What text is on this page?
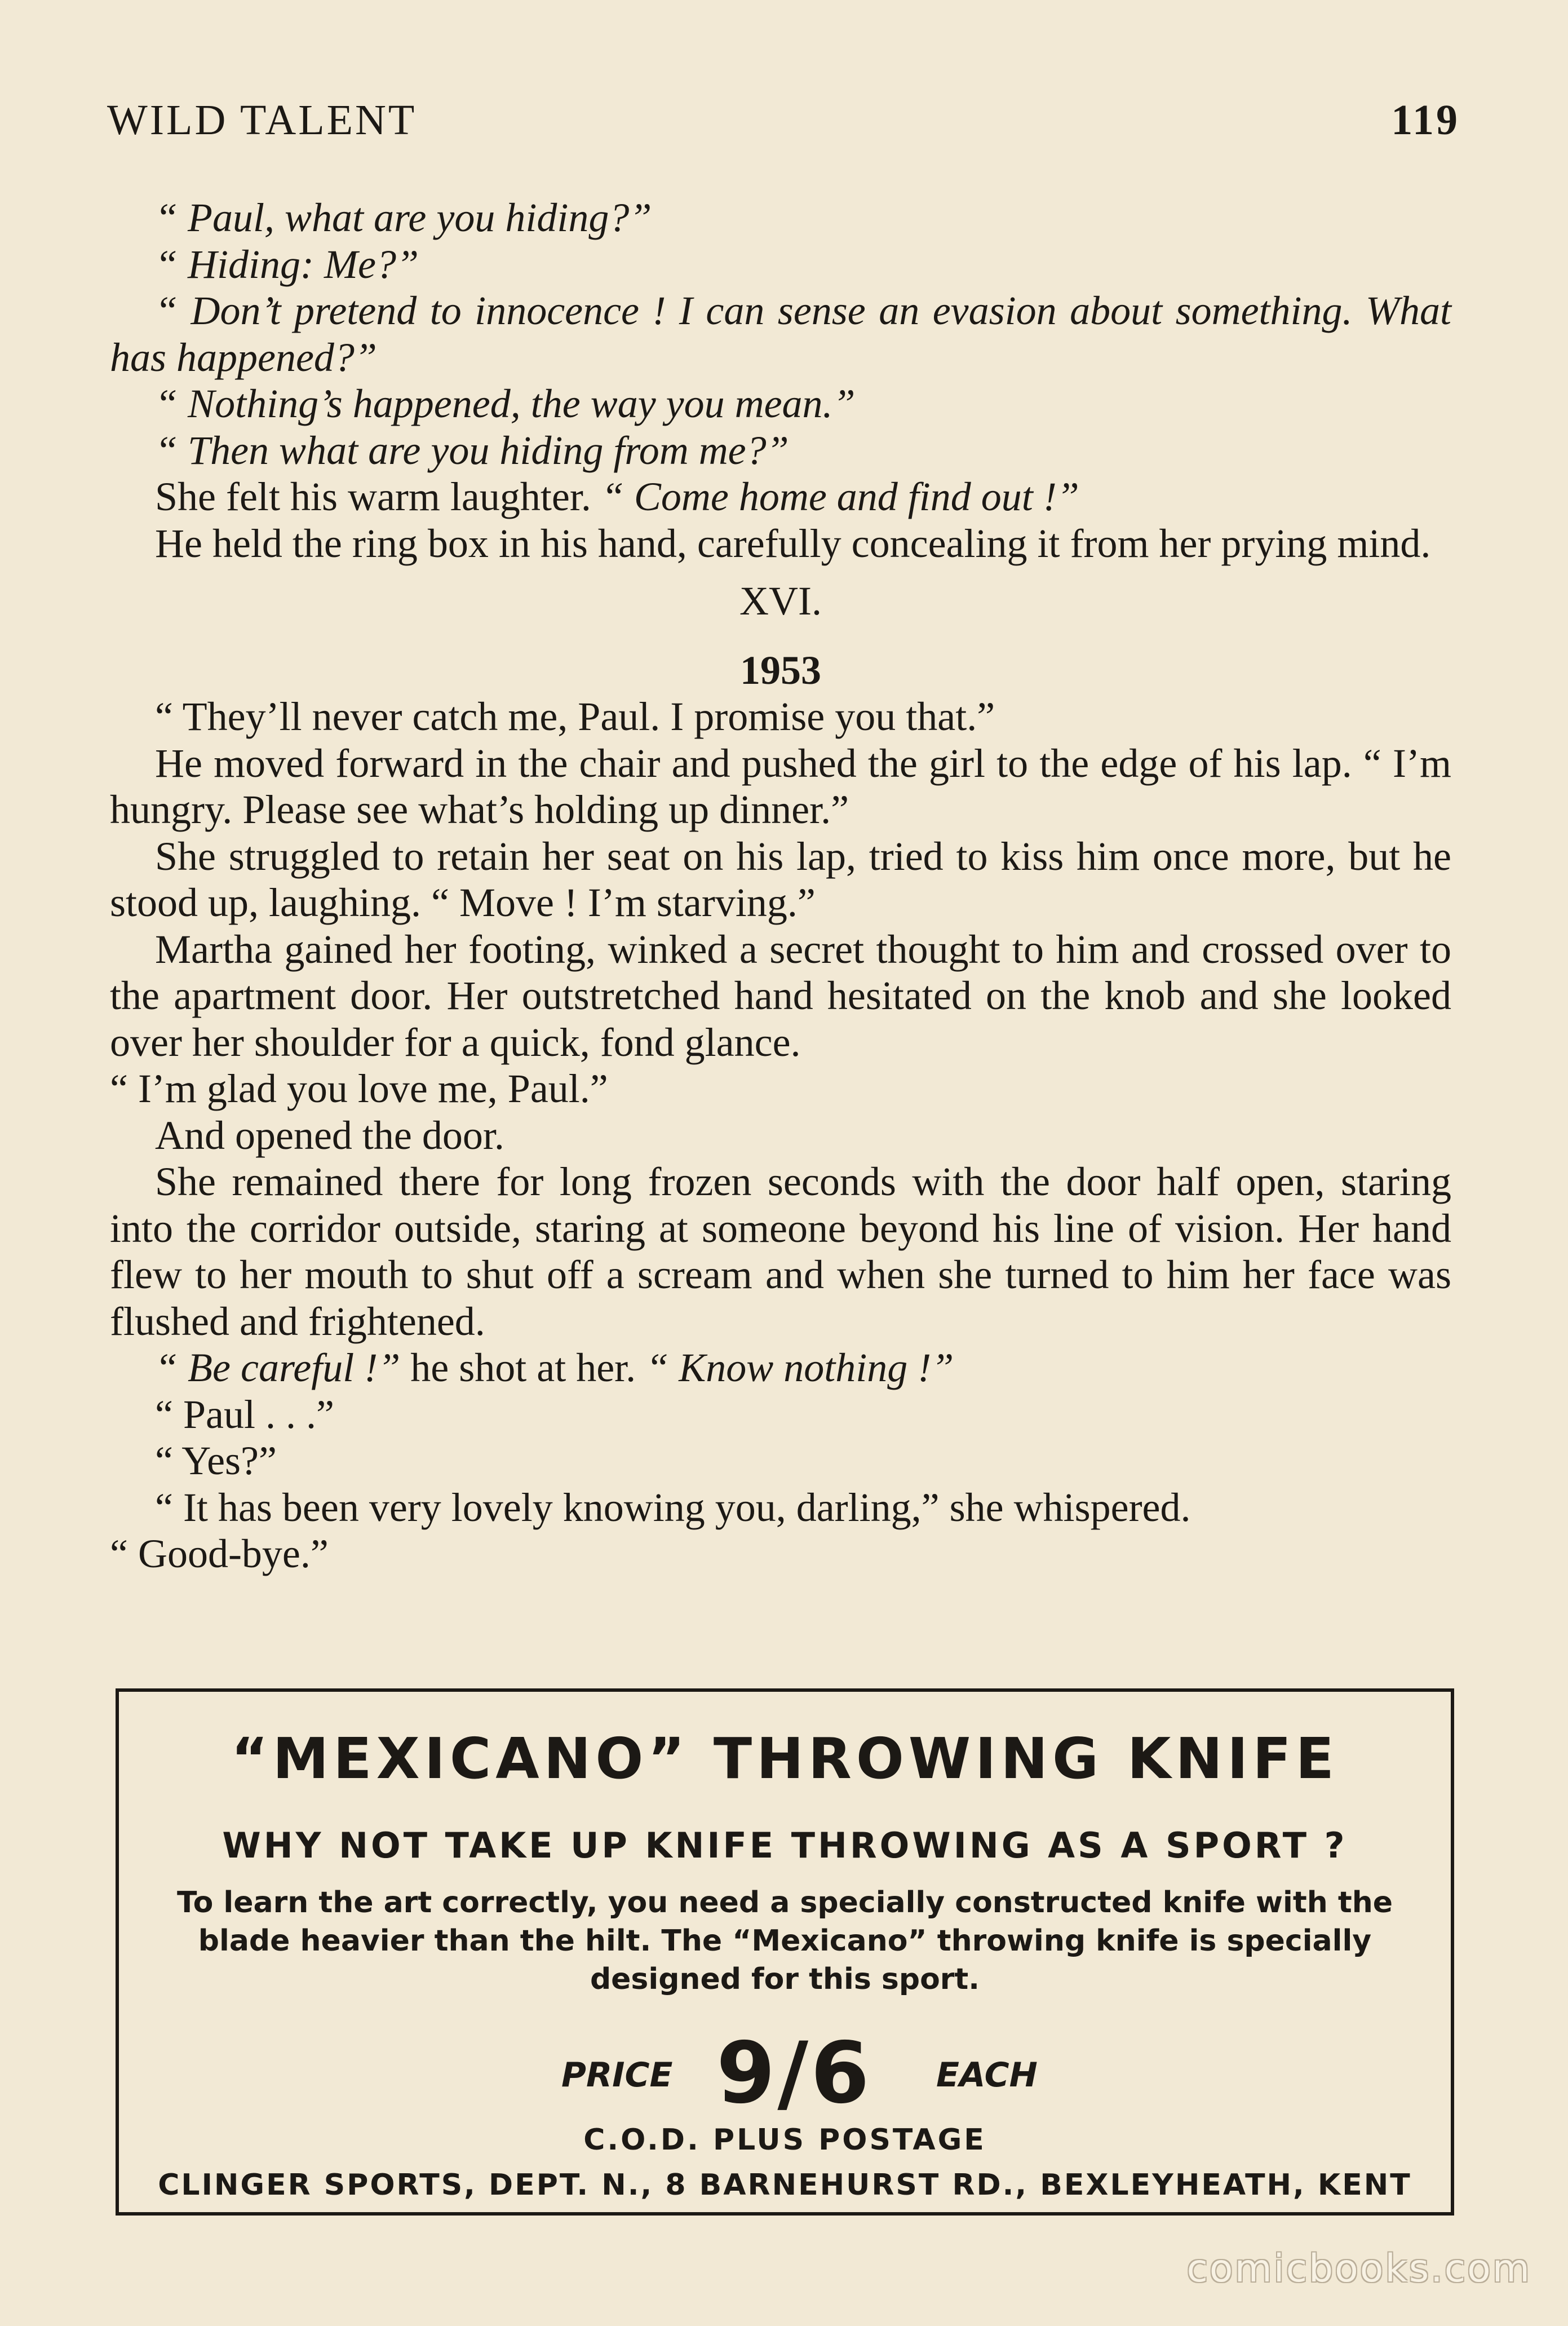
WILD TALENT	119

“ Paul, what are you hiding?”

“ Hiding: Me?”

“ Don’t pretend to innocence ! I can sense an evasion about something. What has happened?”

“ Nothing’s happened, the way you mean.”

“ Then what are you hiding from me?”

She felt his warm laughter. “ Come home and find out !”

He held the ring box in his hand, carefully concealing it from her prying mind.

XVI.

1953

“ They’ll never catch me, Paul. I promise you that.”

He moved forward in the chair and pushed the girl to the edge of his lap. “ I’m hungry. Please see what’s holding up dinner.”

She struggled to retain her seat on his lap, tried to kiss him once more, but he stood up, laughing. “ Move ! I’m starving.”

Martha gained her footing, winked a secret thought to him and crossed over to the apartment door. Her outstretched hand hesitated on the knob and she looked over her shoulder for a quick, fond glance.

“ I’m glad you love me, Paul.”

And opened the door.

She remained there for long frozen seconds with the door half open, staring into the corridor outside, staring at someone beyond his line of vision. Her hand flew to her mouth to shut off a scream and when she turned to him her face was flushed and frightened.

“ Be careful !” he shot at her. “ Know nothing !”

“ Paul . . .”

“ Yes?”

“ It has been very lovely knowing you, darling,” she whispered.

“ Good-bye.”

“MEXICANO” THROWING KNIFE
WHY NOT TAKE UP KNIFE THROWING AS A SPORT ?
To learn the art correctly, you need a specially constructed knife with the
blade heavier than the hilt. The “Mexicano” throwing knife is specially
designed for this sport.
PRICE 9/6 EACH
C.O.D. PLUS POSTAGE
CLINGER SPORTS, DEPT. N., 8 BARNEHURST RD., BEXLEYHEATH, KENT
comicbooks.com
